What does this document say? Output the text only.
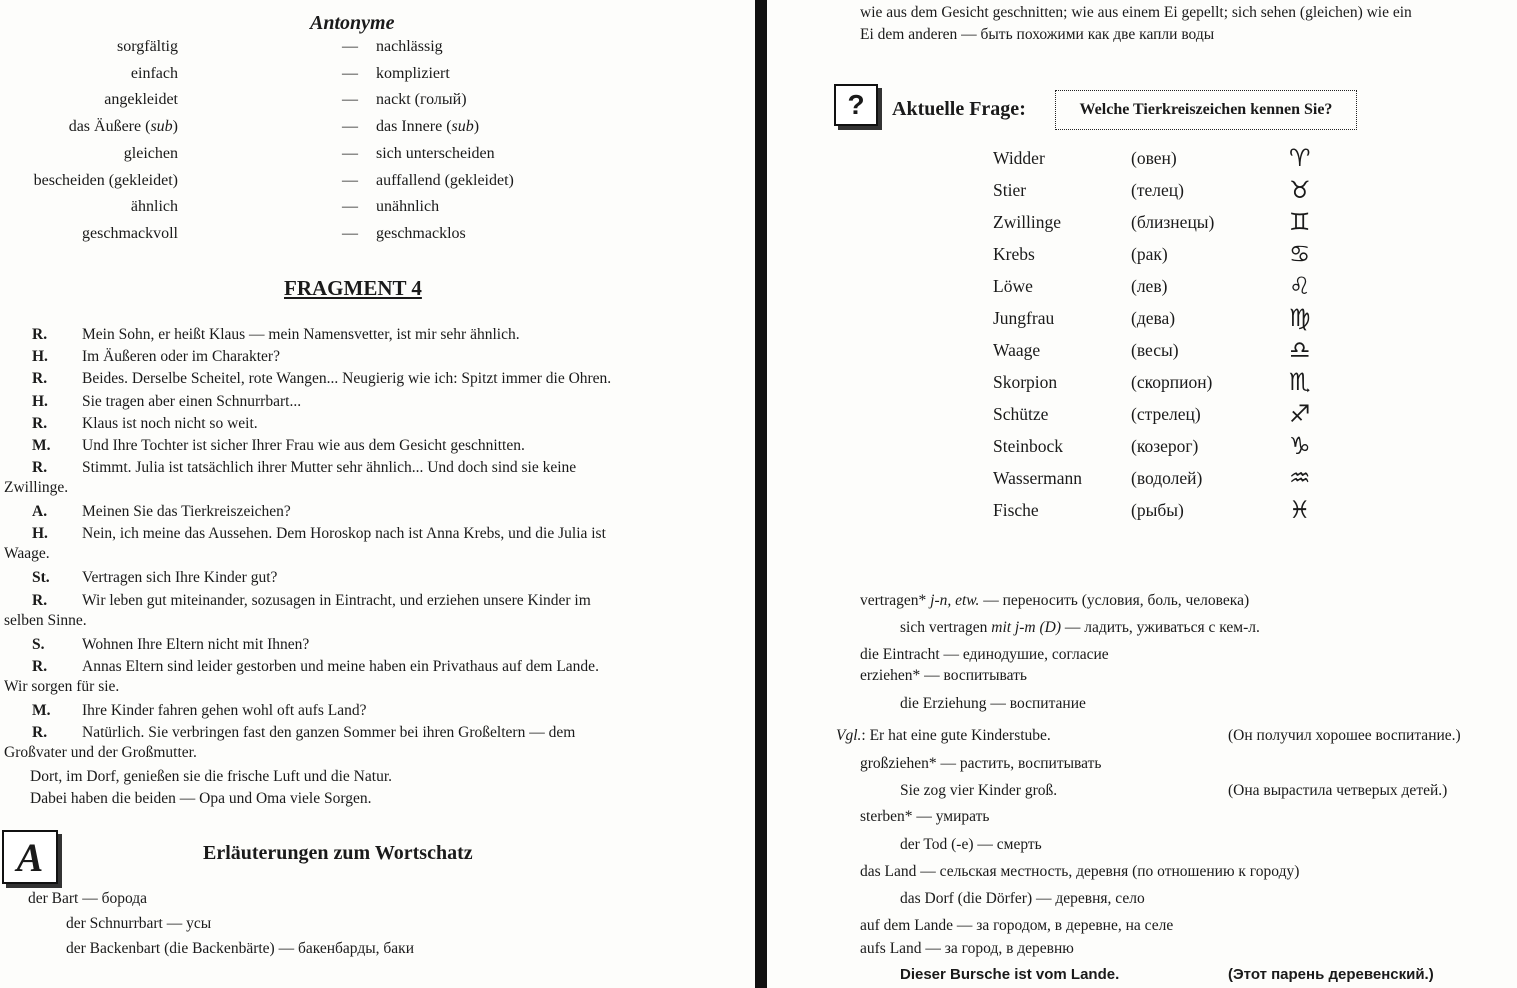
Antonyme
sorgfältig	— nachlässig
einfach	— kompliziert
angekleidet	— nackt (голый)
das Äußere (sub)	— das Innere (sub)
gleichen	— sich unterscheiden
bescheiden (gekleidet)	— auffallend (gekleidet)
ähnlich	— unähnlich
geschmackvoll	— geschmacklos
FRAGMENT 4
R. Mein Sohn, er heißt Klaus — mein Namensvetter, ist mir sehr ähnlich.
H. Im Äußeren oder im Charakter?
R. Beides. Derselbe Scheitel, rote Wangen... Neugierig wie ich: Spitzt immer die Ohren.
H. Sie tragen aber einen Schnurrbart...
R. Klaus ist noch nicht so weit.
M. Und Ihre Tochter ist sicher Ihrer Frau wie aus dem Gesicht geschnitten.
R. Stimmt. Julia ist tatsächlich ihrer Mutter sehr ähnlich... Und doch sind sie keine
Zwillinge.
A. Meinen Sie das Tierkreiszeichen?
H. Nein, ich meine das Aussehen. Dem Horoskop nach ist Anna Krebs, und die Julia ist
Waage.
St. Vertragen sich Ihre Kinder gut?
R. Wir leben gut miteinander, sozusagen in Eintracht, und erziehen unsere Kinder im
selben Sinne.
S. Wohnen Ihre Eltern nicht mit Ihnen?
R. Annas Eltern sind leider gestorben und meine haben ein Privathaus auf dem Lande.
Wir sorgen für sie.
M. Ihre Kinder fahren gehen wohl oft aufs Land?
R. Natürlich. Sie verbringen fast den ganzen Sommer bei ihren Großeltern — dem
Großvater und der Großmutter.
Dort, im Dorf, genießen sie die frische Luft und die Natur.
Dabei haben die beiden — Opa und Oma viele Sorgen.
A	Erläuterungen zum Wortschatz
der Bart — борода
der Schnurrbart — усы
der Backenbart (die Backenbärte) — бакенбарды, баки
wie aus dem Gesicht geschnitten; wie aus einem Ei gepellt; sich sehen (gleichen) wie ein
Ei dem anderen — быть похожими как две капли воды
?	Aktuelle Frage:	Welche Tierkreiszeichen kennen Sie?
Widder	(овен)	♈
Stier	(телец)	♉
Zwillinge	(близнецы)	♊
Krebs	(рак)	♋
Löwe	(лев)	♌
Jungfrau	(дева)	♍
Waage	(весы)	♎
Skorpion	(скорпион)	♏
Schütze	(стрелец)	♐
Steinbock	(козерог)	♑
Wassermann	(водолей)	♒
Fische	(рыбы)	♓
vertragen* j-n, etw. — переносить (условия, боль, человека)
sich vertragen mit j-m (D) — ладить, уживаться с кем-л.
die Eintracht — единодушие, согласие
erziehen* — воспитывать
die Erziehung — воспитание
Vgl.: Er hat eine gute Kinderstube.	(Он получил хорошее воспитание.)
großziehen* — растить, воспитывать
Sie zog vier Kinder groß.	(Она вырастила четверых детей.)
sterben* — умирать
der Tod (-e) — смерть
das Land — сельская местность, деревня (по отношению к городу)
das Dorf (die Dörfer) — деревня, село
auf dem Lande — за городом, в деревне, на селе
aufs Land — за город, в деревню
Dieser Bursche ist vom Lande.	(Этот парень деревенский.)
